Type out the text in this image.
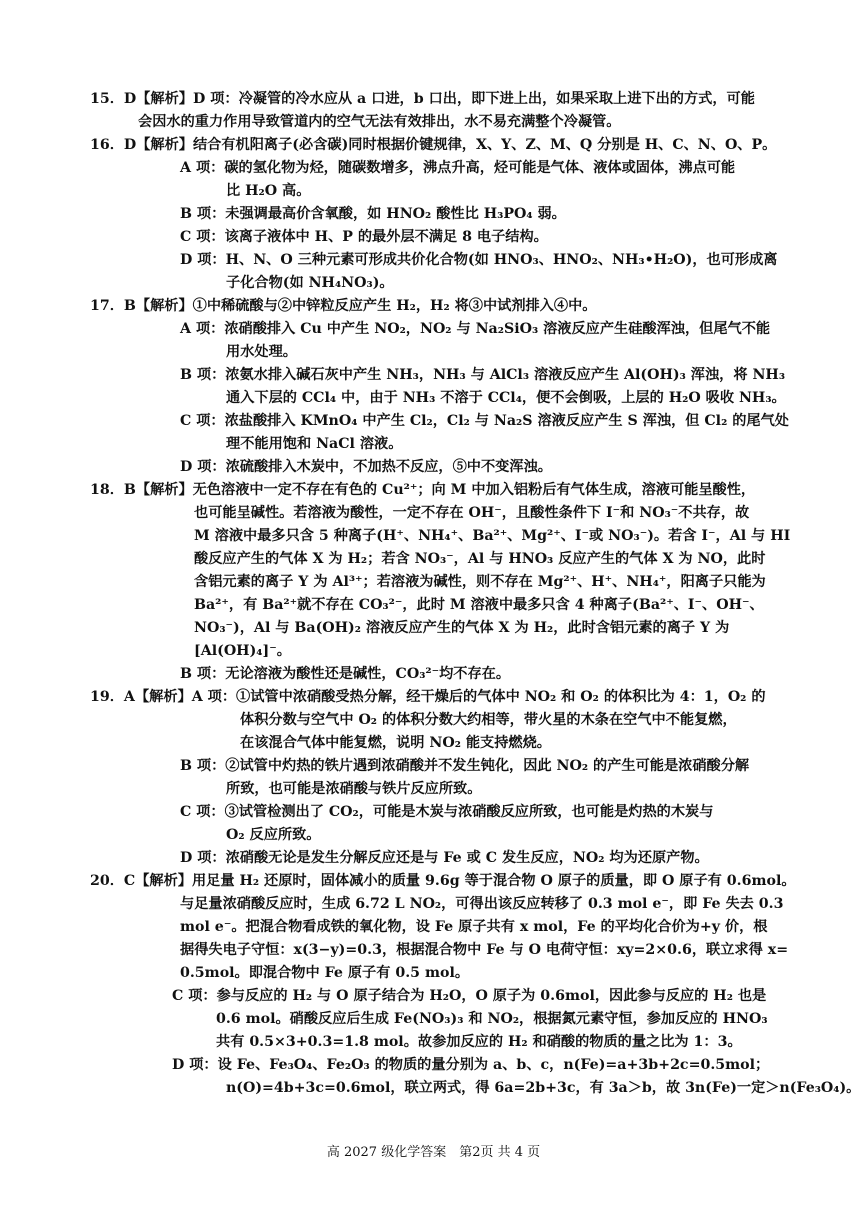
15．D【解析】D 项：冷凝管的冷水应从 a 口进，b 口出，即下进上出，如果采取上进下出的方式，可能
会因水的重力作用导致管道内的空气无法有效排出，水不易充满整个冷凝管。
16．D【解析】结合有机阳离子(必含碳)同时根据价键规律，X、Y、Z、M、Q 分别是 H、C、N、O、P。
A 项：碳的氢化物为烃，随碳数增多，沸点升高，烃可能是气体、液体或固体，沸点可能
比 H₂O 高。
B 项：未强调最高价含氧酸，如 HNO₂ 酸性比 H₃PO₄ 弱。
C 项：该离子液体中 H、P 的最外层不满足 8 电子结构。
D 项：H、N、O 三种元素可形成共价化合物(如 HNO₃、HNO₂、NH₃•H₂O)，也可形成离
子化合物(如 NH₄NO₃)。
17．B【解析】①中稀硫酸与②中锌粒反应产生 H₂，H₂ 将③中试剂排入④中。
A 项：浓硝酸排入 Cu 中产生 NO₂，NO₂ 与 Na₂SiO₃ 溶液反应产生硅酸浑浊，但尾气不能
用水处理。
B 项：浓氨水排入碱石灰中产生 NH₃，NH₃ 与 AlCl₃ 溶液反应产生 Al(OH)₃ 浑浊，将 NH₃
通入下层的 CCl₄ 中，由于 NH₃ 不溶于 CCl₄，便不会倒吸，上层的 H₂O 吸收 NH₃。
C 项：浓盐酸排入 KMnO₄ 中产生 Cl₂，Cl₂ 与 Na₂S 溶液反应产生 S 浑浊，但 Cl₂ 的尾气处
理不能用饱和 NaCl 溶液。
D 项：浓硫酸排入木炭中，不加热不反应，⑤中不变浑浊。
18．B【解析】无色溶液中一定不存在有色的 Cu²⁺；向 M 中加入铝粉后有气体生成，溶液可能呈酸性，
也可能呈碱性。若溶液为酸性，一定不存在 OH⁻，且酸性条件下 I⁻和 NO₃⁻不共存，故
M 溶液中最多只含 5 种离子(H⁺、NH₄⁺、Ba²⁺、Mg²⁺、I⁻或 NO₃⁻)。若含 I⁻，Al 与 HI
酸反应产生的气体 X 为 H₂；若含 NO₃⁻，Al 与 HNO₃ 反应产生的气体 X 为 NO，此时
含铝元素的离子 Y 为 Al³⁺；若溶液为碱性，则不存在 Mg²⁺、H⁺、NH₄⁺，阳离子只能为
Ba²⁺，有 Ba²⁺就不存在 CO₃²⁻，此时 M 溶液中最多只含 4 种离子(Ba²⁺、I⁻、OH⁻、
NO₃⁻)，Al 与 Ba(OH)₂ 溶液反应产生的气体 X 为 H₂，此时含铝元素的离子 Y 为
[Al(OH)₄]⁻。
B 项：无论溶液为酸性还是碱性，CO₃²⁻均不存在。
19．A【解析】A 项：①试管中浓硝酸受热分解，经干燥后的气体中 NO₂ 和 O₂ 的体积比为 4：1，O₂ 的
体积分数与空气中 O₂ 的体积分数大约相等，带火星的木条在空气中不能复燃，
在该混合气体中能复燃，说明 NO₂ 能支持燃烧。
B 项：②试管中灼热的铁片遇到浓硝酸并不发生钝化，因此 NO₂ 的产生可能是浓硝酸分解
所致，也可能是浓硝酸与铁片反应所致。
C 项：③试管检测出了 CO₂，可能是木炭与浓硝酸反应所致，也可能是灼热的木炭与
O₂ 反应所致。
D 项：浓硝酸无论是发生分解反应还是与 Fe 或 C 发生反应，NO₂ 均为还原产物。
20．C【解析】用足量 H₂ 还原时，固体减小的质量 9.6g 等于混合物 O 原子的质量，即 O 原子有 0.6mol。
与足量浓硝酸反应时，生成 6.72 L NO₂，可得出该反应转移了 0.3 mol e⁻，即 Fe 失去 0.3
mol e⁻。把混合物看成铁的氧化物，设 Fe 原子共有 x mol，Fe 的平均化合价为+y 价，根
据得失电子守恒：x(3−y)=0.3，根据混合物中 Fe 与 O 电荷守恒：xy=2×0.6，联立求得 x=
0.5mol。即混合物中 Fe 原子有 0.5 mol。
C 项：参与反应的 H₂ 与 O 原子结合为 H₂O，O 原子为 0.6mol，因此参与反应的 H₂ 也是
0.6 mol。硝酸反应后生成 Fe(NO₃)₃ 和 NO₂，根据氮元素守恒，参加反应的 HNO₃
共有 0.5×3+0.3=1.8 mol。故参加反应的 H₂ 和硝酸的物质的量之比为 1：3。
D 项：设 Fe、Fe₃O₄、Fe₂O₃ 的物质的量分别为 a、b、c，n(Fe)=a+3b+2c=0.5mol；
n(O)=4b+3c=0.6mol，联立两式，得 6a=2b+3c，有 3a＞b，故 3n(Fe)一定＞n(Fe₃O₄)。
高 2027 级化学答案　第2页 共 4 页
